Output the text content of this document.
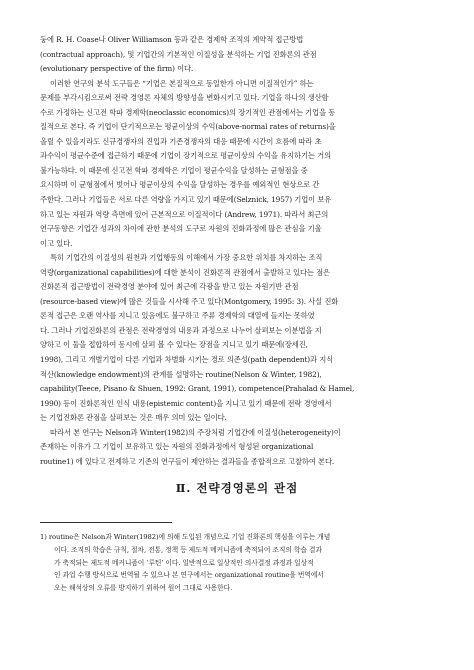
둥에 R. H. Coase나 Oliver Williamson 등과 같은 경제학 조직의 계약적 접근방법
(contractual approach), 및 기업간의 기본적인 이질성을 분석하는 기업 진화론의 관점
(evolutionary perspective of the firm) 이다.
이러한 연구의 분석 도구들은 “기업은 본질적으로 동일한가 아니면 이질적인가” 하는
문제를 부각시킴으로써 전략 경영론 자체의 방향성을 변화시키고 있다. 기업을 하나의 생산함
수로 가정하는 신고전 학파 경제학(neoclassic economics)의 장기적인 관점에서는 기업을 동
질적으로 본다. 즉 기업이 단기적으로는 평균이상의 수익(above-normal rates of returns)을
올릴 수 있을지라도 신규경쟁자의 진입과 기존경쟁자의 대응 때문에 시간이 흐름에 따라 초
과수익이 평균수준에 접근하기 때문에 기업이 장기적으로 평균이상의 수익을 유지하기는 거의
불가능하다. 이 때문에 신고전 학파 경제학은 기업이 평균수익을 달성하는 균형점을 중
요시하며 이 균형점에서 벗어나 평균이상의 수익을 달성하는 경우를 예외적인 현상으로 간
주한다. 그러나 기업들은 서로 다른 역량을 가지고 있기 때문에(Selznick, 1957) 기업이 보유
하고 있는 자원과 역량 측면에 있어 근본적으로 이질적이다 (Andrew, 1971). 따라서 최근의
연구동향은 기업간 성과의 차이에 관한 분석의 도구로 자원의 진화과정에 많은 관심을 기울
이고 있다.
특히 기업간의 이질성의 원천과 기업행동의 이해에서 가장 중요한 위치를 차지하는 조직
역량(organizational capabilities)에 대한 분석이 진화론적 관점에서 출발하고 있다는 점은
진화론적 접근방법이 전략경영 분야에 있어 최근에 각광을 받고 있는 자원기반 관점
(resource-based view)에 많은 것들을 시사해 주고 있다(Montgomery, 1995: 3). 사실 진화
론적 접근은 오랜 역사를 지니고 있음에도 불구하고 주류 경제학의 대열에 들지는 못하였
다. 그러나 기업진화론의 관점은 전략경영의 내용과 과정으로 나누어 살펴보는 이분법을 지
양하고 이 둘을 접합하여 동시에 살펴 볼 수 있다는 장점을 지니고 있기 때문에(장세진,
1998), 그리고 개별기업이 다른 기업과 차별화 시키는 경로 의존성(path dependent)과 지식
적산(knowledge endowment)의 관계를 설명하는 routine(Nelson & Winter, 1982),
capability(Teece, Pisano & Shuen, 1992: Grant, 1991), competence(Prahalad & Hamel,
1990) 등이 진화론적인 인식 내용(epistemic content)을 지니고 있기 때문에 전략 경영에서
는 기업진화론 관점을 살펴보는 것은 매우 의미 있는 일이다.
따라서 본 연구는 Nelson과 Winter(1982)의 주장처럼 기업간에 이질성(heterogeneity)이
존재하는 이유가 그 기업이 보유하고 있는 자원의 진화과정에서 형성된 organizational
routine1) 에 있다고 전제하고 기존의 연구들이 제안하는 결과들을 종합적으로 고찰하여 본다.
Ⅱ. 전략경영론의 관점
1) routine은 Nelson과 Winter(1982)에 의해 도입된 개념으로 기업 진화론의 핵심을 이루는 개념
이다. 조직의 학습은 규칙, 절차, 전통, 정책 등 제도적 메커니즘에 축적되어 조직의 학습 결과
가 축적되는 제도적 메커니즘이 ‘루틴’ 이다. 일반적으로 일상적인 의사결정 과정과 일상적
인 과업 수행 방식으로 번역될 수 있으나 본 연구에서는 organizational routine을 번역에서
오는 해석상의 오류를 방지하기 위하여 원어 그대로 사용한다.
